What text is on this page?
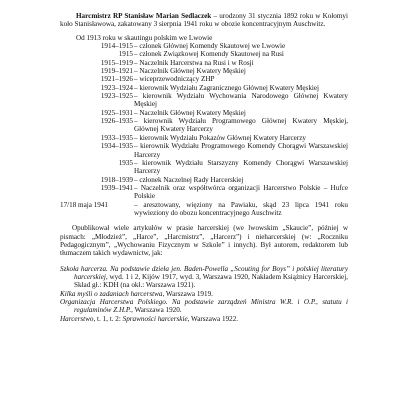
Harcmistrz RP Stanisław Marian Sedlaczek – urodzony 31 stycznia 1892 roku w Kołomyi koło Stanisławowa, zakatowany 3 sierpnia 1941 roku w obozie koncentracyjnym Auschwitz.

Od 1913 roku w skautingu polskim we Lwowie
1914–1915 – członek Głównej Komendy Skautowej we Lwowie
1915 – członek Związkowej Komendy Skautowej na Rusi
1915–1919 – Naczelnik Harcerstwa na Rusi i w Rosji
1919–1921 – Naczelnik Głównej Kwatery Męskiej
1921–1926 – wiceprzewodniczący ZHP
1923–1924 – kierownik Wydziału Zagranicznego Głównej Kwatery Męskiej
1923–1925 – kierownik Wydziału Wychowania Narodowego Głównej Kwatery Męskiej
1925–1931 – Naczelnik Głównej Kwatery Męskiej
1926–1935 – kierownik Wydziału Programowego Głównej Kwatery Męskiej, Głównej Kwatery Harcerzy
1933–1935 – kierownik Wydziału Pokazów Głównej Kwatery Harcerzy
1934–1935 – kierownik Wydziału Programowego Komendy Chorągwi Warszawskiej Harcerzy
1935 – kierownik Wydziału Starszyzny Komendy Chorągwi Warszawskiej Harcerzy
1918–1939 – członek Naczelnej Rady Harcerskiej
1939–1941 – Naczelnik oraz współtwórca organizacji Harcerstwo Polskie – Hufce Polskie
17/18 maja 1941	– aresztowany, więziony na Pawiaku, skąd 23 lipca 1941 roku wywieziony do obozu koncentracyjnego Auschwitz

Opublikował wiele artykułów w prasie harcerskiej (we lwowskim „Skaucie”, później w pismach: „Młodzież”, „Harce”, „Harcmistrz”, „Harcerz”) i nieharcerskiej (w: „Roczniku Pedagogicznym”, „Wychowaniu Fizycznym w Szkole” i innych). Był autorem, redaktorem lub tłumaczem takich wydawnictw, jak:

Szkoła harcerza. Na podstawie dzieła jen. Baden-Powella „Scouting for Boys” i polskiej literatury harcerskiej, wyd. 1 i 2, Kijów 1917, wyd. 3, Warszawa 1920, Nakładem Książnicy Harcerskiej, Skład gł.: KDH (na okł.: Warszawa 1921).
Kilka myśli o zadaniach harcerstwa, Warszawa 1919.
Organizacja Harcerstwa Polskiego. Na podstawie zarządzeń Ministra W.R. i O.P., statutu i regulaminów Z.H.P., Warszawa 1920.
Harcerstwo, t. 1, t. 2: Sprawności harcerskie, Warszawa 1922.
